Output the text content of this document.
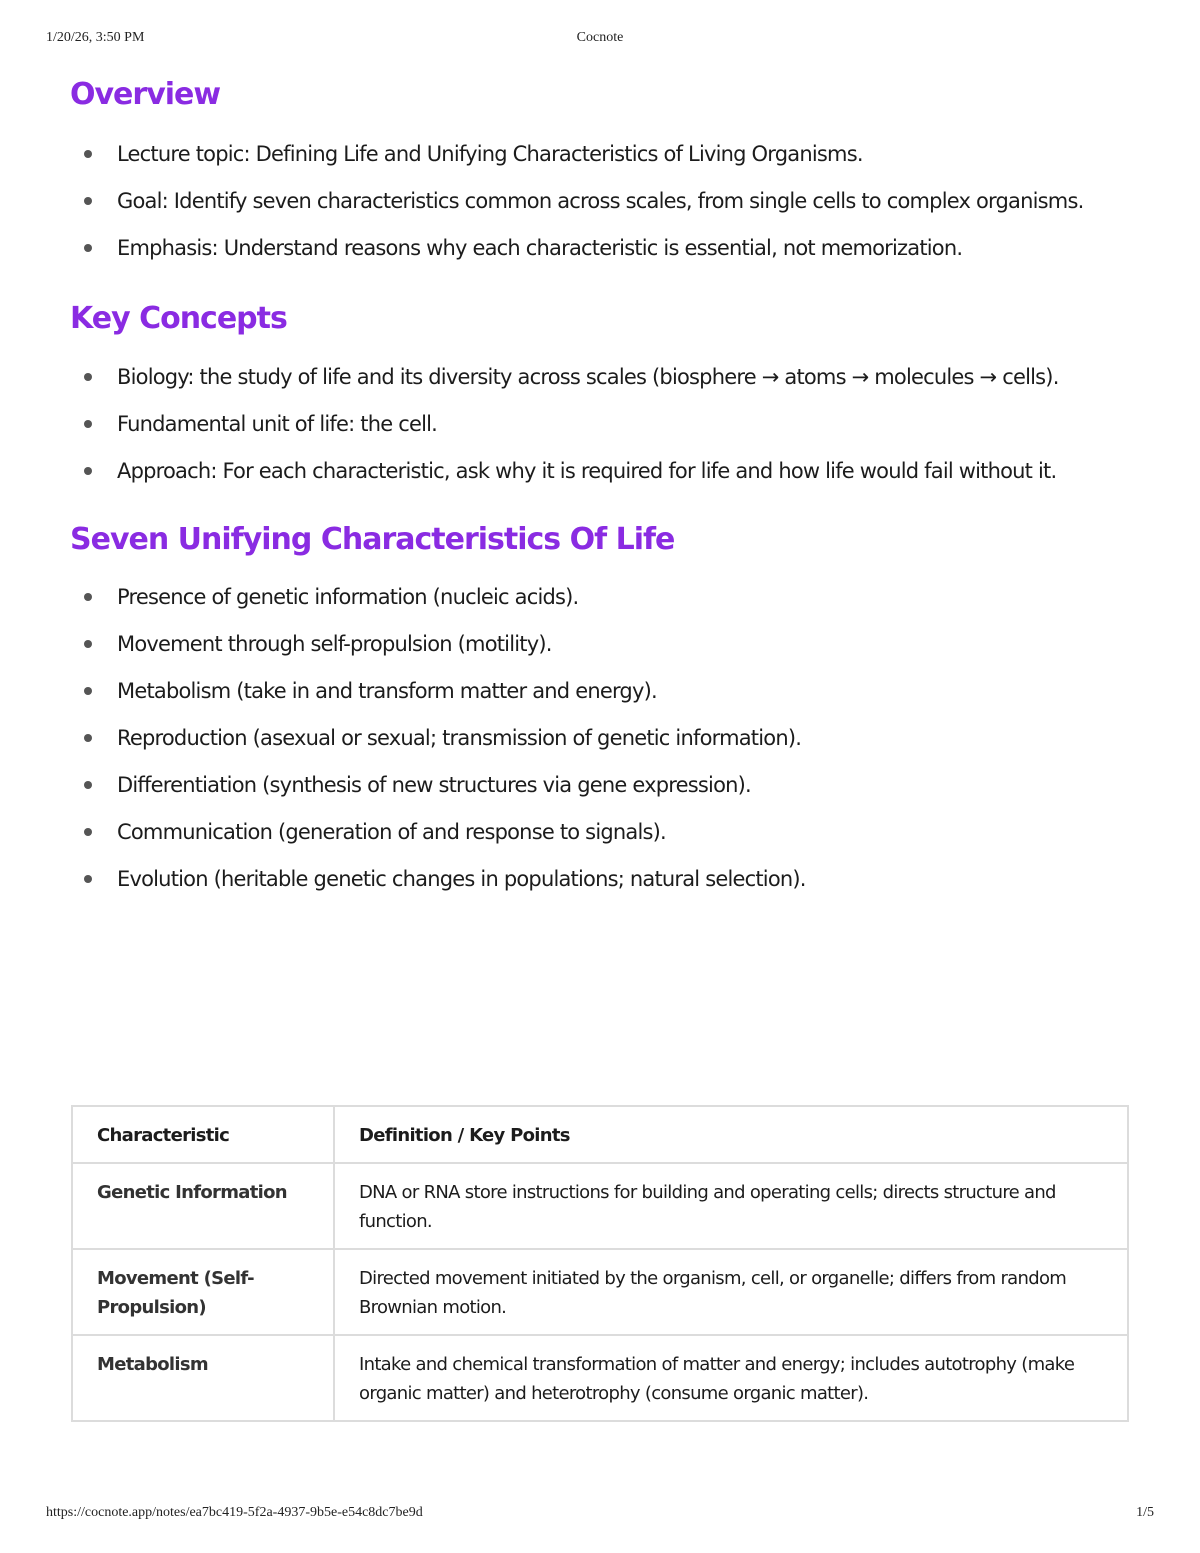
1/20/26, 3:50 PM	Cocnote
Overview
Lecture topic: Defining Life and Unifying Characteristics of Living Organisms.
Goal: Identify seven characteristics common across scales, from single cells to complex organisms.
Emphasis: Understand reasons why each characteristic is essential, not memorization.
Key Concepts
Biology: the study of life and its diversity across scales (biosphere → atoms → molecules → cells).
Fundamental unit of life: the cell.
Approach: For each characteristic, ask why it is required for life and how life would fail without it.
Seven Unifying Characteristics Of Life
Presence of genetic information (nucleic acids).
Movement through self-propulsion (motility).
Metabolism (take in and transform matter and energy).
Reproduction (asexual or sexual; transmission of genetic information).
Differentiation (synthesis of new structures via gene expression).
Communication (generation of and response to signals).
Evolution (heritable genetic changes in populations; natural selection).
Characteristic	Definition / Key Points
Genetic Information	DNA or RNA store instructions for building and operating cells; directs structure and function.
Movement (Self-Propulsion)	Directed movement initiated by the organism, cell, or organelle; differs from random Brownian motion.
Metabolism	Intake and chemical transformation of matter and energy; includes autotrophy (make organic matter) and heterotrophy (consume organic matter).
https://cocnote.app/notes/ea7bc419-5f2a-4937-9b5e-e54c8dc7be9d	1/5
